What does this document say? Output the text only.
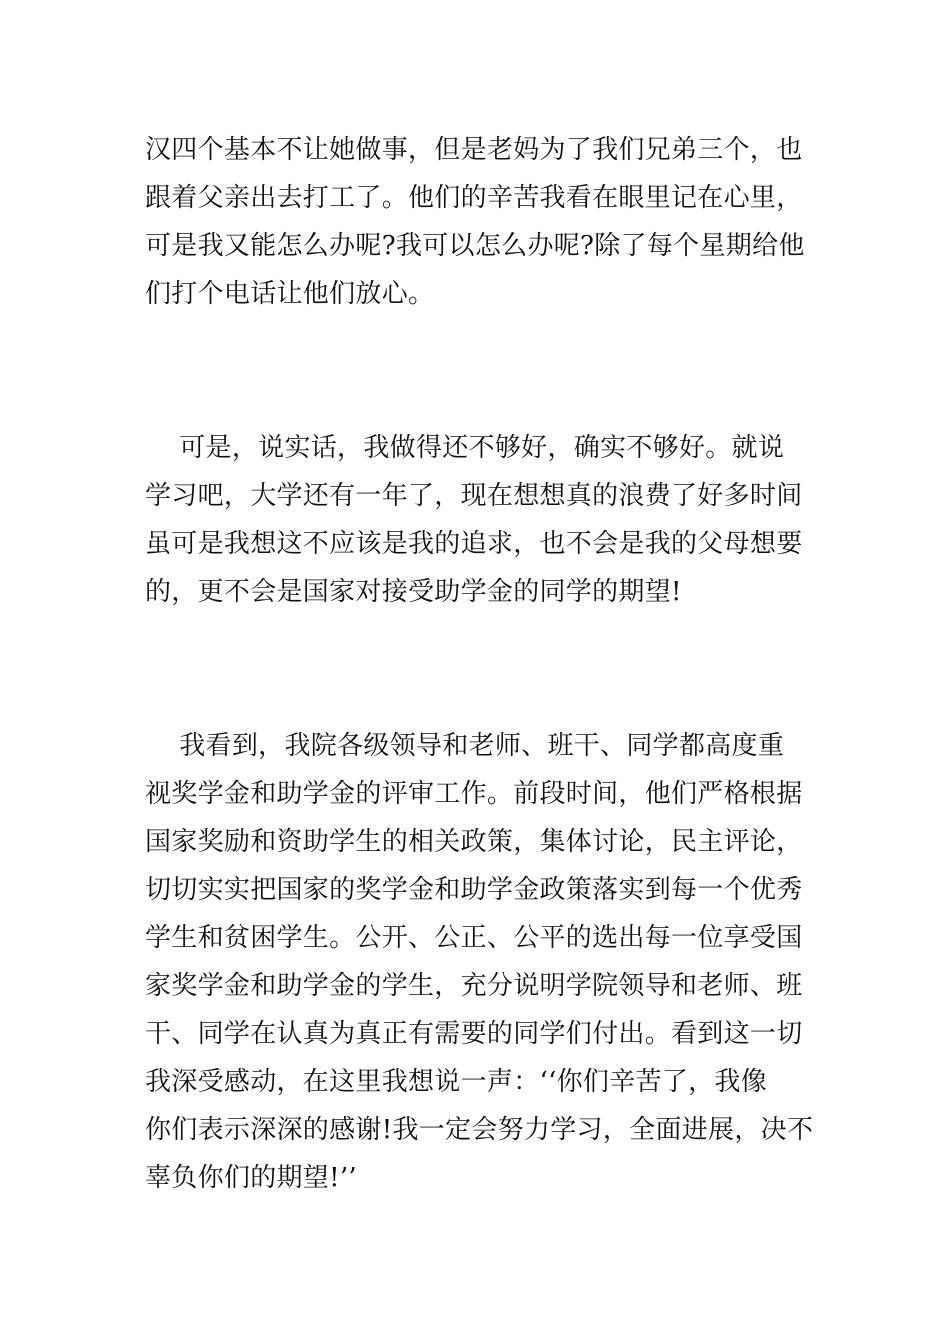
汉四个基本不让她做事，但是老妈为了我们兄弟三个，也
跟着父亲出去打工了。他们的辛苦我看在眼里记在心里，
可是我又能怎么办呢?我可以怎么办呢?除了每个星期给他
们打个电话让他们放心。
可是，说实话，我做得还不够好，确实不够好。就说
学习吧，大学还有一年了，现在想想真的浪费了好多时间
虽可是我想这不应该是我的追求，也不会是我的父母想要
的，更不会是国家对接受助学金的同学的期望!
我看到，我院各级领导和老师、班干、同学都高度重
视奖学金和助学金的评审工作。前段时间，他们严格根据
国家奖励和资助学生的相关政策，集体讨论，民主评论，
切切实实把国家的奖学金和助学金政策落实到每一个优秀
学生和贫困学生。公开、公正、公平的选出每一位享受国
家奖学金和助学金的学生，充分说明学院领导和老师、班
干、同学在认真为真正有需要的同学们付出。看到这一切
我深受感动，在这里我想说一声：‘‘你们辛苦了，我像
你们表示深深的感谢!我一定会努力学习，全面进展，决不
辜负你们的期望!’’
